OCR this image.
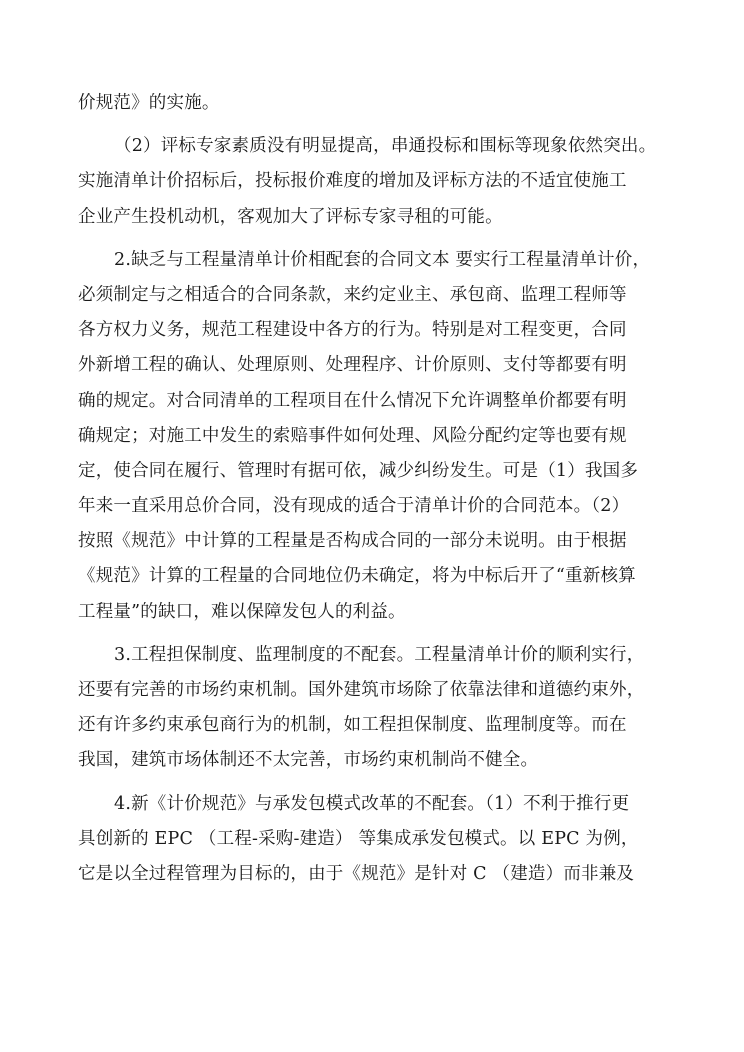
价规范》的实施。
（2）评标专家素质没有明显提高，串通投标和围标等现象依然突出。
实施清单计价招标后，投标报价难度的增加及评标方法的不适宜使施工
企业产生投机动机，客观加大了评标专家寻租的可能。
2.缺乏与工程量清单计价相配套的合同文本 要实行工程量清单计价，
必须制定与之相适合的合同条款，来约定业主、承包商、监理工程师等
各方权力义务，规范工程建设中各方的行为。特别是对工程变更，合同
外新增工程的确认、处理原则、处理程序、计价原则、支付等都要有明
确的规定。对合同清单的工程项目在什么情况下允许调整单价都要有明
确规定；对施工中发生的索赔事件如何处理、风险分配约定等也要有规
定，使合同在履行、管理时有据可依，减少纠纷发生。可是（1）我国多
年来一直采用总价合同，没有现成的适合于清单计价的合同范本。（2）
按照《规范》中计算的工程量是否构成合同的一部分未说明。由于根据
《规范》计算的工程量的合同地位仍未确定，将为中标后开了“重新核算
工程量”的缺口，难以保障发包人的利益。
3.工程担保制度、监理制度的不配套。工程量清单计价的顺利实行，
还要有完善的市场约束机制。国外建筑市场除了依靠法律和道德约束外，
还有许多约束承包商行为的机制，如工程担保制度、监理制度等。而在
我国，建筑市场体制还不太完善，市场约束机制尚不健全。
4.新《计价规范》与承发包模式改革的不配套。（1）不利于推行更
具创新的 EPC （工程-采购-建造） 等集成承发包模式。以 EPC 为例，
它是以全过程管理为目标的，由于《规范》是针对 C （建造）而非兼及
